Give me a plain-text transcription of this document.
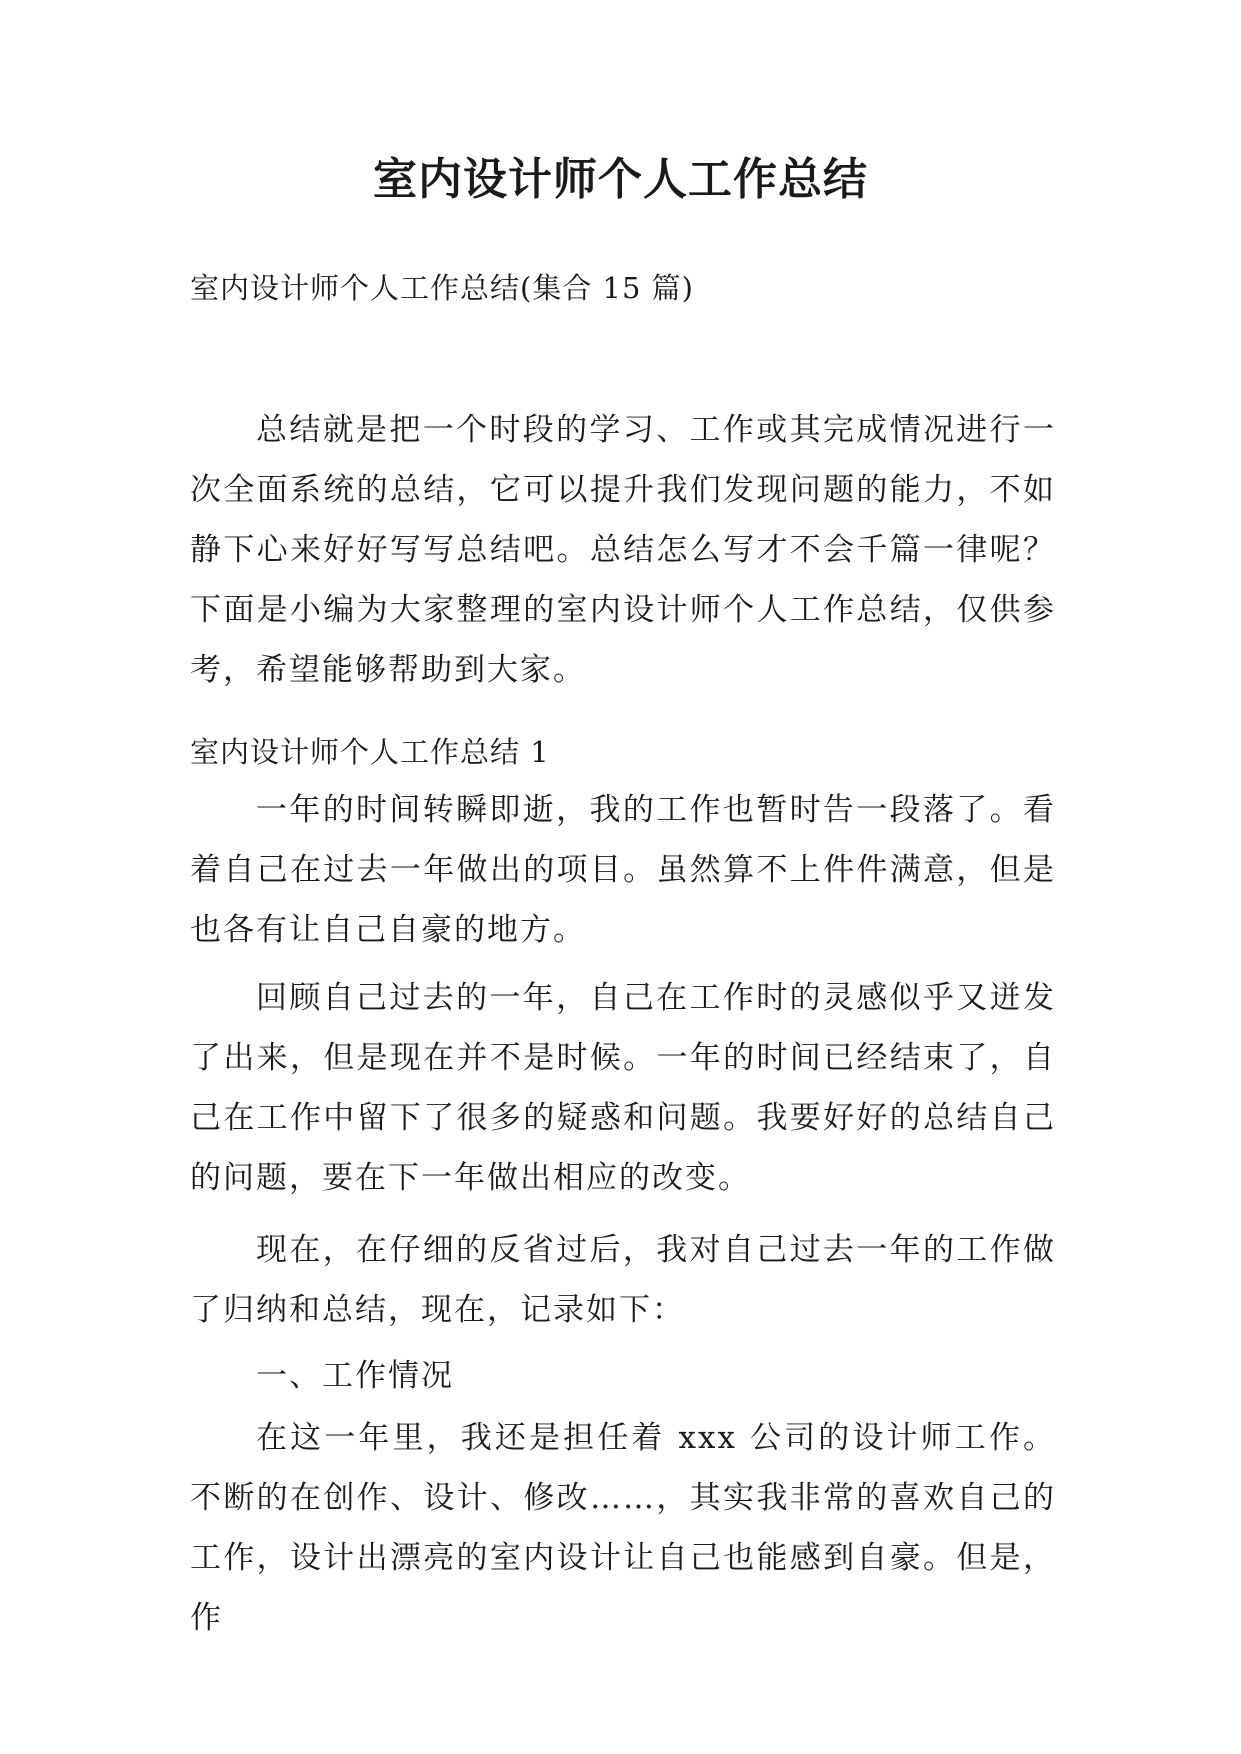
室内设计师个人工作总结

室内设计师个人工作总结(集合 15 篇)

总结就是把一个时段的学习、工作或其完成情况进行一次全面系统的总结，它可以提升我们发现问题的能力，不如静下心来好好写写总结吧。总结怎么写才不会千篇一律呢？下面是小编为大家整理的室内设计师个人工作总结，仅供参考，希望能够帮助到大家。

室内设计师个人工作总结 1

一年的时间转瞬即逝，我的工作也暂时告一段落了。看着自己在过去一年做出的项目。虽然算不上件件满意，但是也各有让自己自豪的地方。

回顾自己过去的一年，自己在工作时的灵感似乎又迸发了出来，但是现在并不是时候。一年的时间已经结束了，自己在工作中留下了很多的疑惑和问题。我要好好的总结自己的问题，要在下一年做出相应的改变。

现在，在仔细的反省过后，我对自己过去一年的工作做了归纳和总结，现在，记录如下：

一、工作情况

在这一年里，我还是担任着 xxx 公司的设计师工作。不断的在创作、设计、修改……，其实我非常的喜欢自己的工作，设计出漂亮的室内设计让自己也能感到自豪。但是，作
